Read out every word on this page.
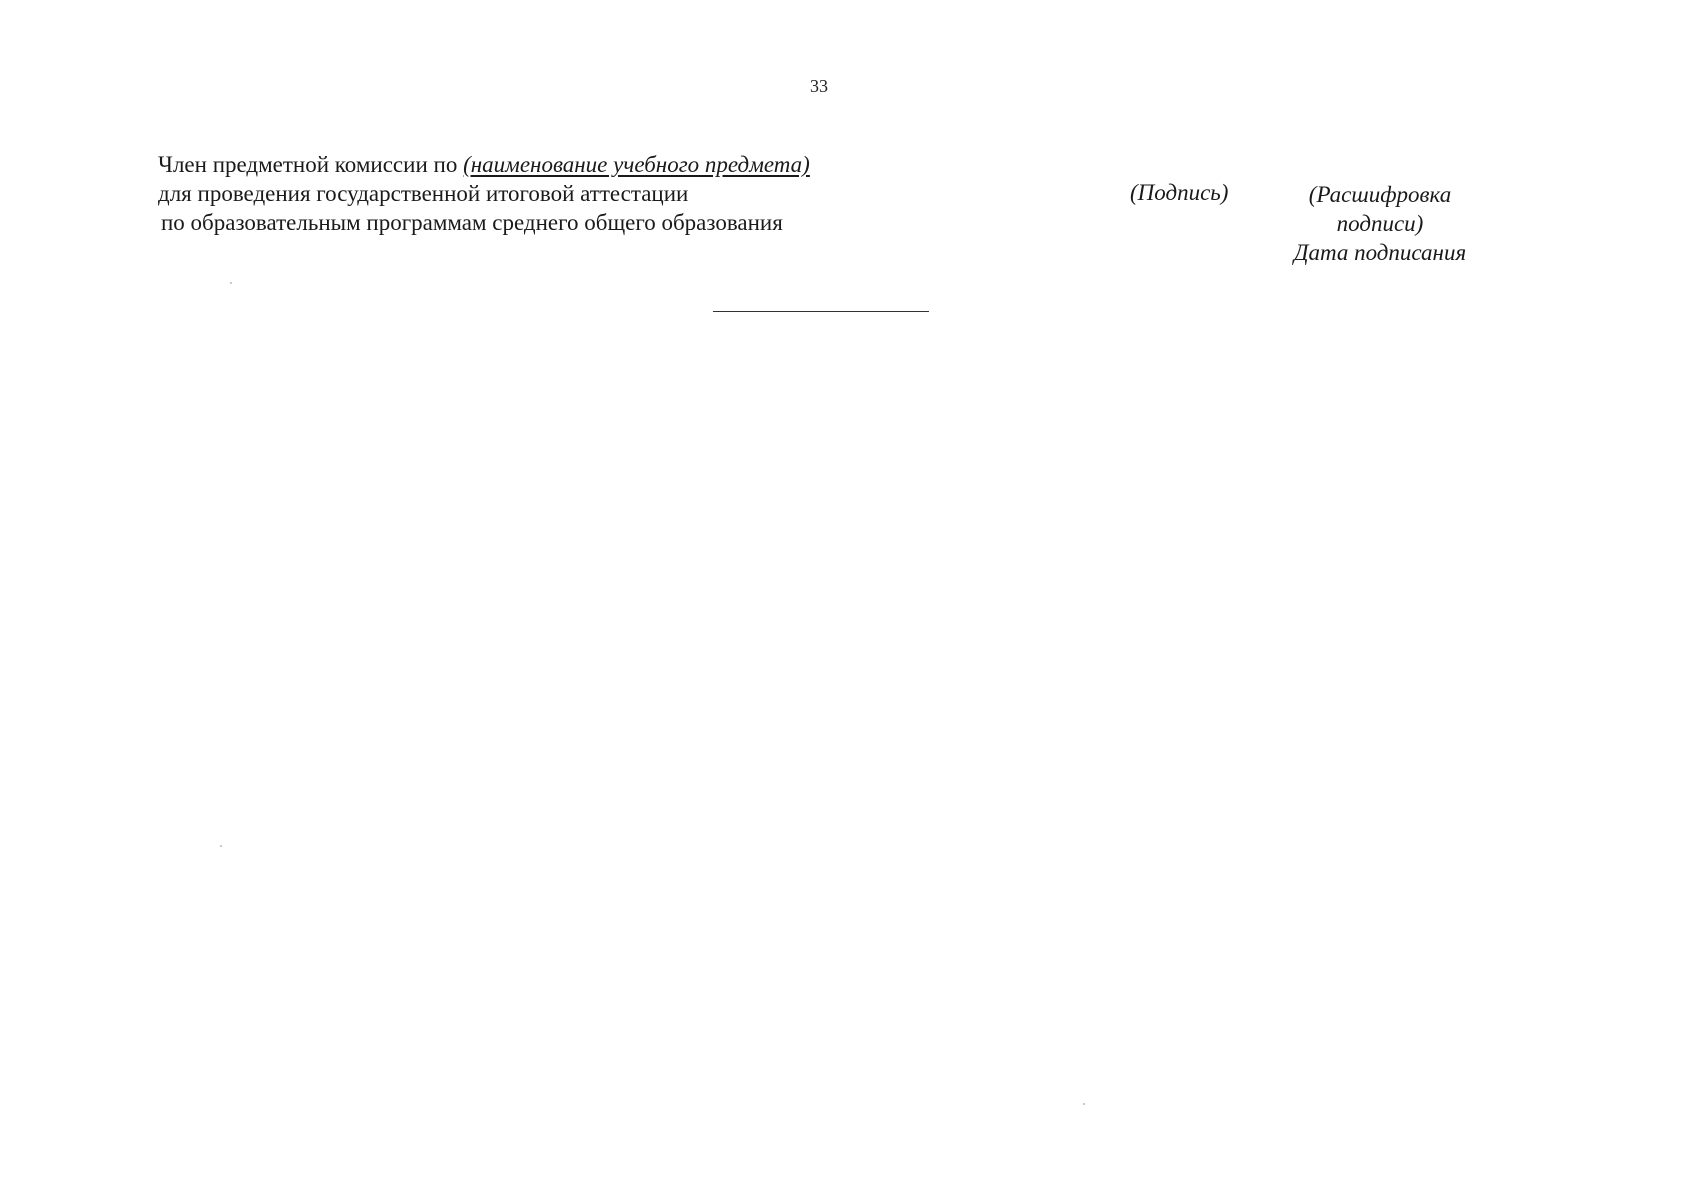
33
Член предметной комиссии по (наименование учебного предмета)
для проведения государственной итоговой аттестации
по образовательным программам среднего общего образования
(Подпись)	(Расшифровка
подписи)
Дата подписания
